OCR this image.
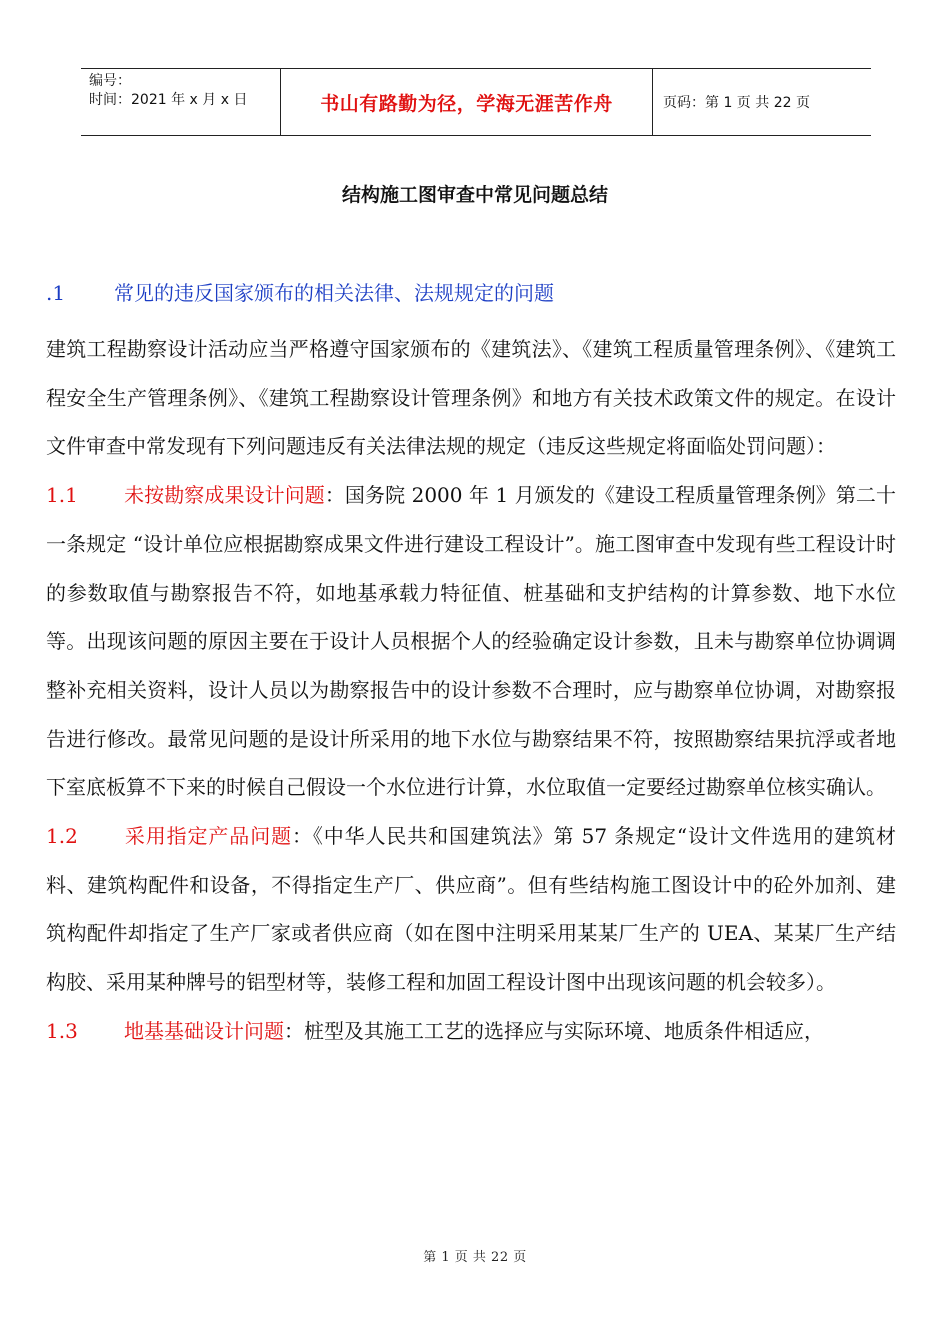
编号：
时间：2021 年 x 月 x 日	书山有路勤为径，学海无涯苦作舟	页码：第 1 页 共 22 页
结构施工图审查中常见问题总结
.1 常见的违反国家颁布的相关法律、法规规定的问题

建筑工程勘察设计活动应当严格遵守国家颁布的《建筑法》、《建筑工程质量管理条例》、《建筑工程安全生产管理条例》、《建筑工程勘察设计管理条例》和地方有关技术政策文件的规定。在设计文件审查中常发现有下列问题违反有关法律法规的规定（违反这些规定将面临处罚问题）：

1.1 未按勘察成果设计问题：国务院 2000 年 1 月颁发的《建设工程质量管理条例》第二十一条规定 “设计单位应根据勘察成果文件进行建设工程设计”。施工图审查中发现有些工程设计时的参数取值与勘察报告不符，如地基承载力特征值、桩基础和支护结构的计算参数、地下水位等。出现该问题的原因主要在于设计人员根据个人的经验确定设计参数，且未与勘察单位协调调整补充相关资料，设计人员以为勘察报告中的设计参数不合理时，应与勘察单位协调，对勘察报告进行修改。最常见问题的是设计所采用的地下水位与勘察结果不符，按照勘察结果抗浮或者地下室底板算不下来的时候自己假设一个水位进行计算，水位取值一定要经过勘察单位核实确认。

1.2 采用指定产品问题：《中华人民共和国建筑法》第 57 条规定“设计文件选用的建筑材料、建筑构配件和设备，不得指定生产厂、供应商”。但有些结构施工图设计中的砼外加剂、建筑构配件却指定了生产厂家或者供应商（如在图中注明采用某某厂生产的 UEA、某某厂生产结构胶、采用某种牌号的铝型材等，装修工程和加固工程设计图中出现该问题的机会较多）。

1.3 地基基础设计问题：桩型及其施工工艺的选择应与实际环境、地质条件相适应，

第 1 页 共 22 页
